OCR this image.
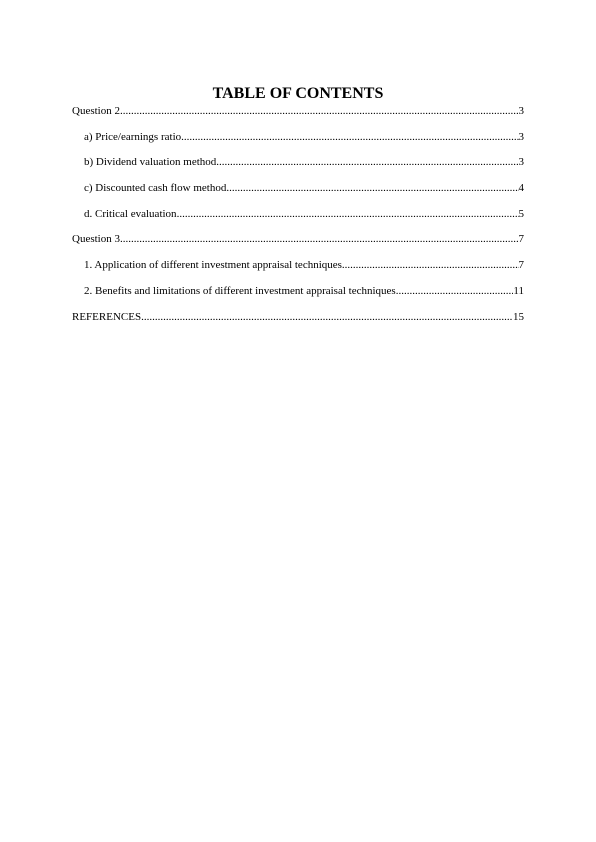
TABLE OF CONTENTS
Question 2 .....	3
a) Price/earnings ratio .....	3
b) Dividend valuation method .....	3
c) Discounted cash flow method .....	4
d. Critical evaluation .....	5
Question 3 .....	7
1. Application of different investment appraisal techniques .....	7
2. Benefits and limitations of different investment appraisal techniques .....	11
REFERENCES .....	15
